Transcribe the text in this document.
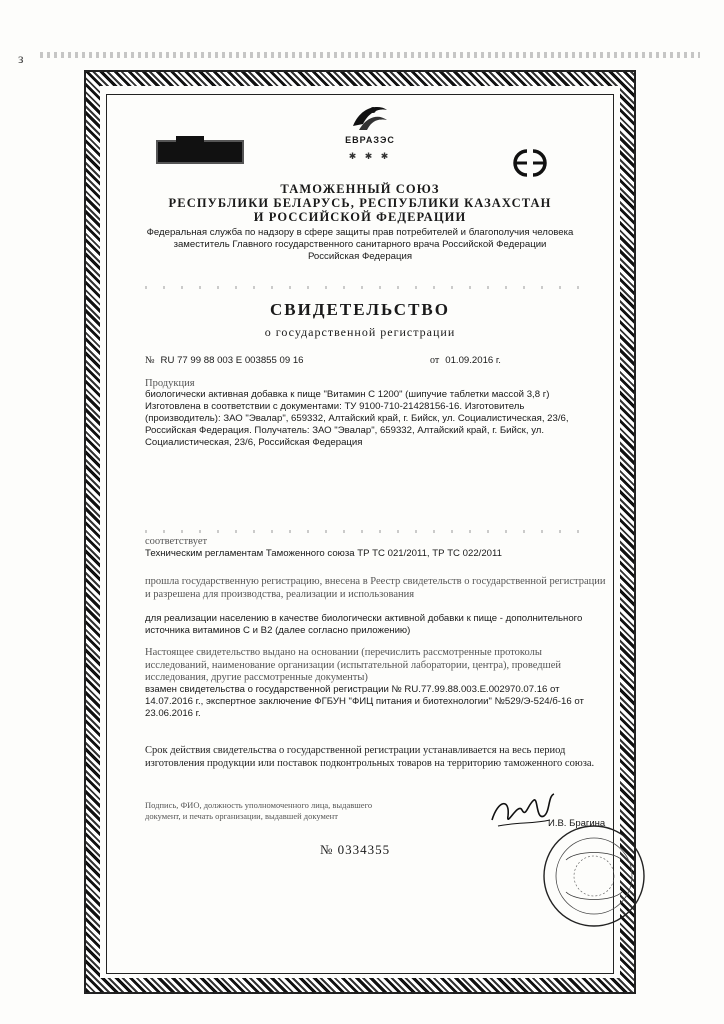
з
ЕВРАЗЭС
✱ ✱ ✱
ТАМОЖЕННЫЙ СОЮЗ
РЕСПУБЛИКИ БЕЛАРУСЬ, РЕСПУБЛИКИ КАЗАХСТАН
И РОССИЙСКОЙ ФЕДЕРАЦИИ
Федеральная служба по надзору в сфере защиты прав потребителей и благополучия человека
заместитель Главного государственного санитарного врача Российской Федерации
Российская Федерация
СВИДЕТЕЛЬСТВО
о государственной регистрации
№ RU 77 99 88 003 E 003855 09 16	от 01.09.2016 г.
Продукция
биологически активная добавка к пище "Витамин С 1200" (шипучие таблетки массой 3,8 г)
Изготовлена в соответствии с документами: ТУ 9100-710-21428156-16. Изготовитель
(производитель): ЗАО "Эвалар", 659332, Алтайский край, г. Бийск, ул. Социалистическая, 23/6,
Российская Федерация. Получатель: ЗАО "Эвалар", 659332, Алтайский край, г. Бийск, ул.
Социалистическая, 23/6, Российская Федерация
соответствует
Техническим регламентам Таможенного союза ТР ТС 021/2011, ТР ТС 022/2011
прошла государственную регистрацию, внесена в Реестр свидетельств о государственной регистрации и разрешена для производства, реализации и использования
для реализации населению в качестве биологически активной добавки к пище - дополнительного
источника витаминов С и В2 (далее согласно приложению)
Настоящее свидетельство выдано на основании (перечислить рассмотренные протоколы исследований, наименование организации (испытательной лаборатории, центра), проведшей исследования, другие рассмотренные документы)
взамен свидетельства о государственной регистрации № RU.77.99.88.003.Е.002970.07.16 от
14.07.2016 г., экспертное заключение ФГБУН "ФИЦ питания и биотехнологии" №529/Э-524/б-16 от
23.06.2016 г.
Срок действия свидетельства о государственной регистрации устанавливается на весь период изготовления продукции или поставок подконтрольных товаров на территорию таможенного союза.
Подпись, ФИО, должность уполномоченного лица, выдавшего документ, и печать организации, выдавшей документ
И.В. Брагина
№ 0334355
